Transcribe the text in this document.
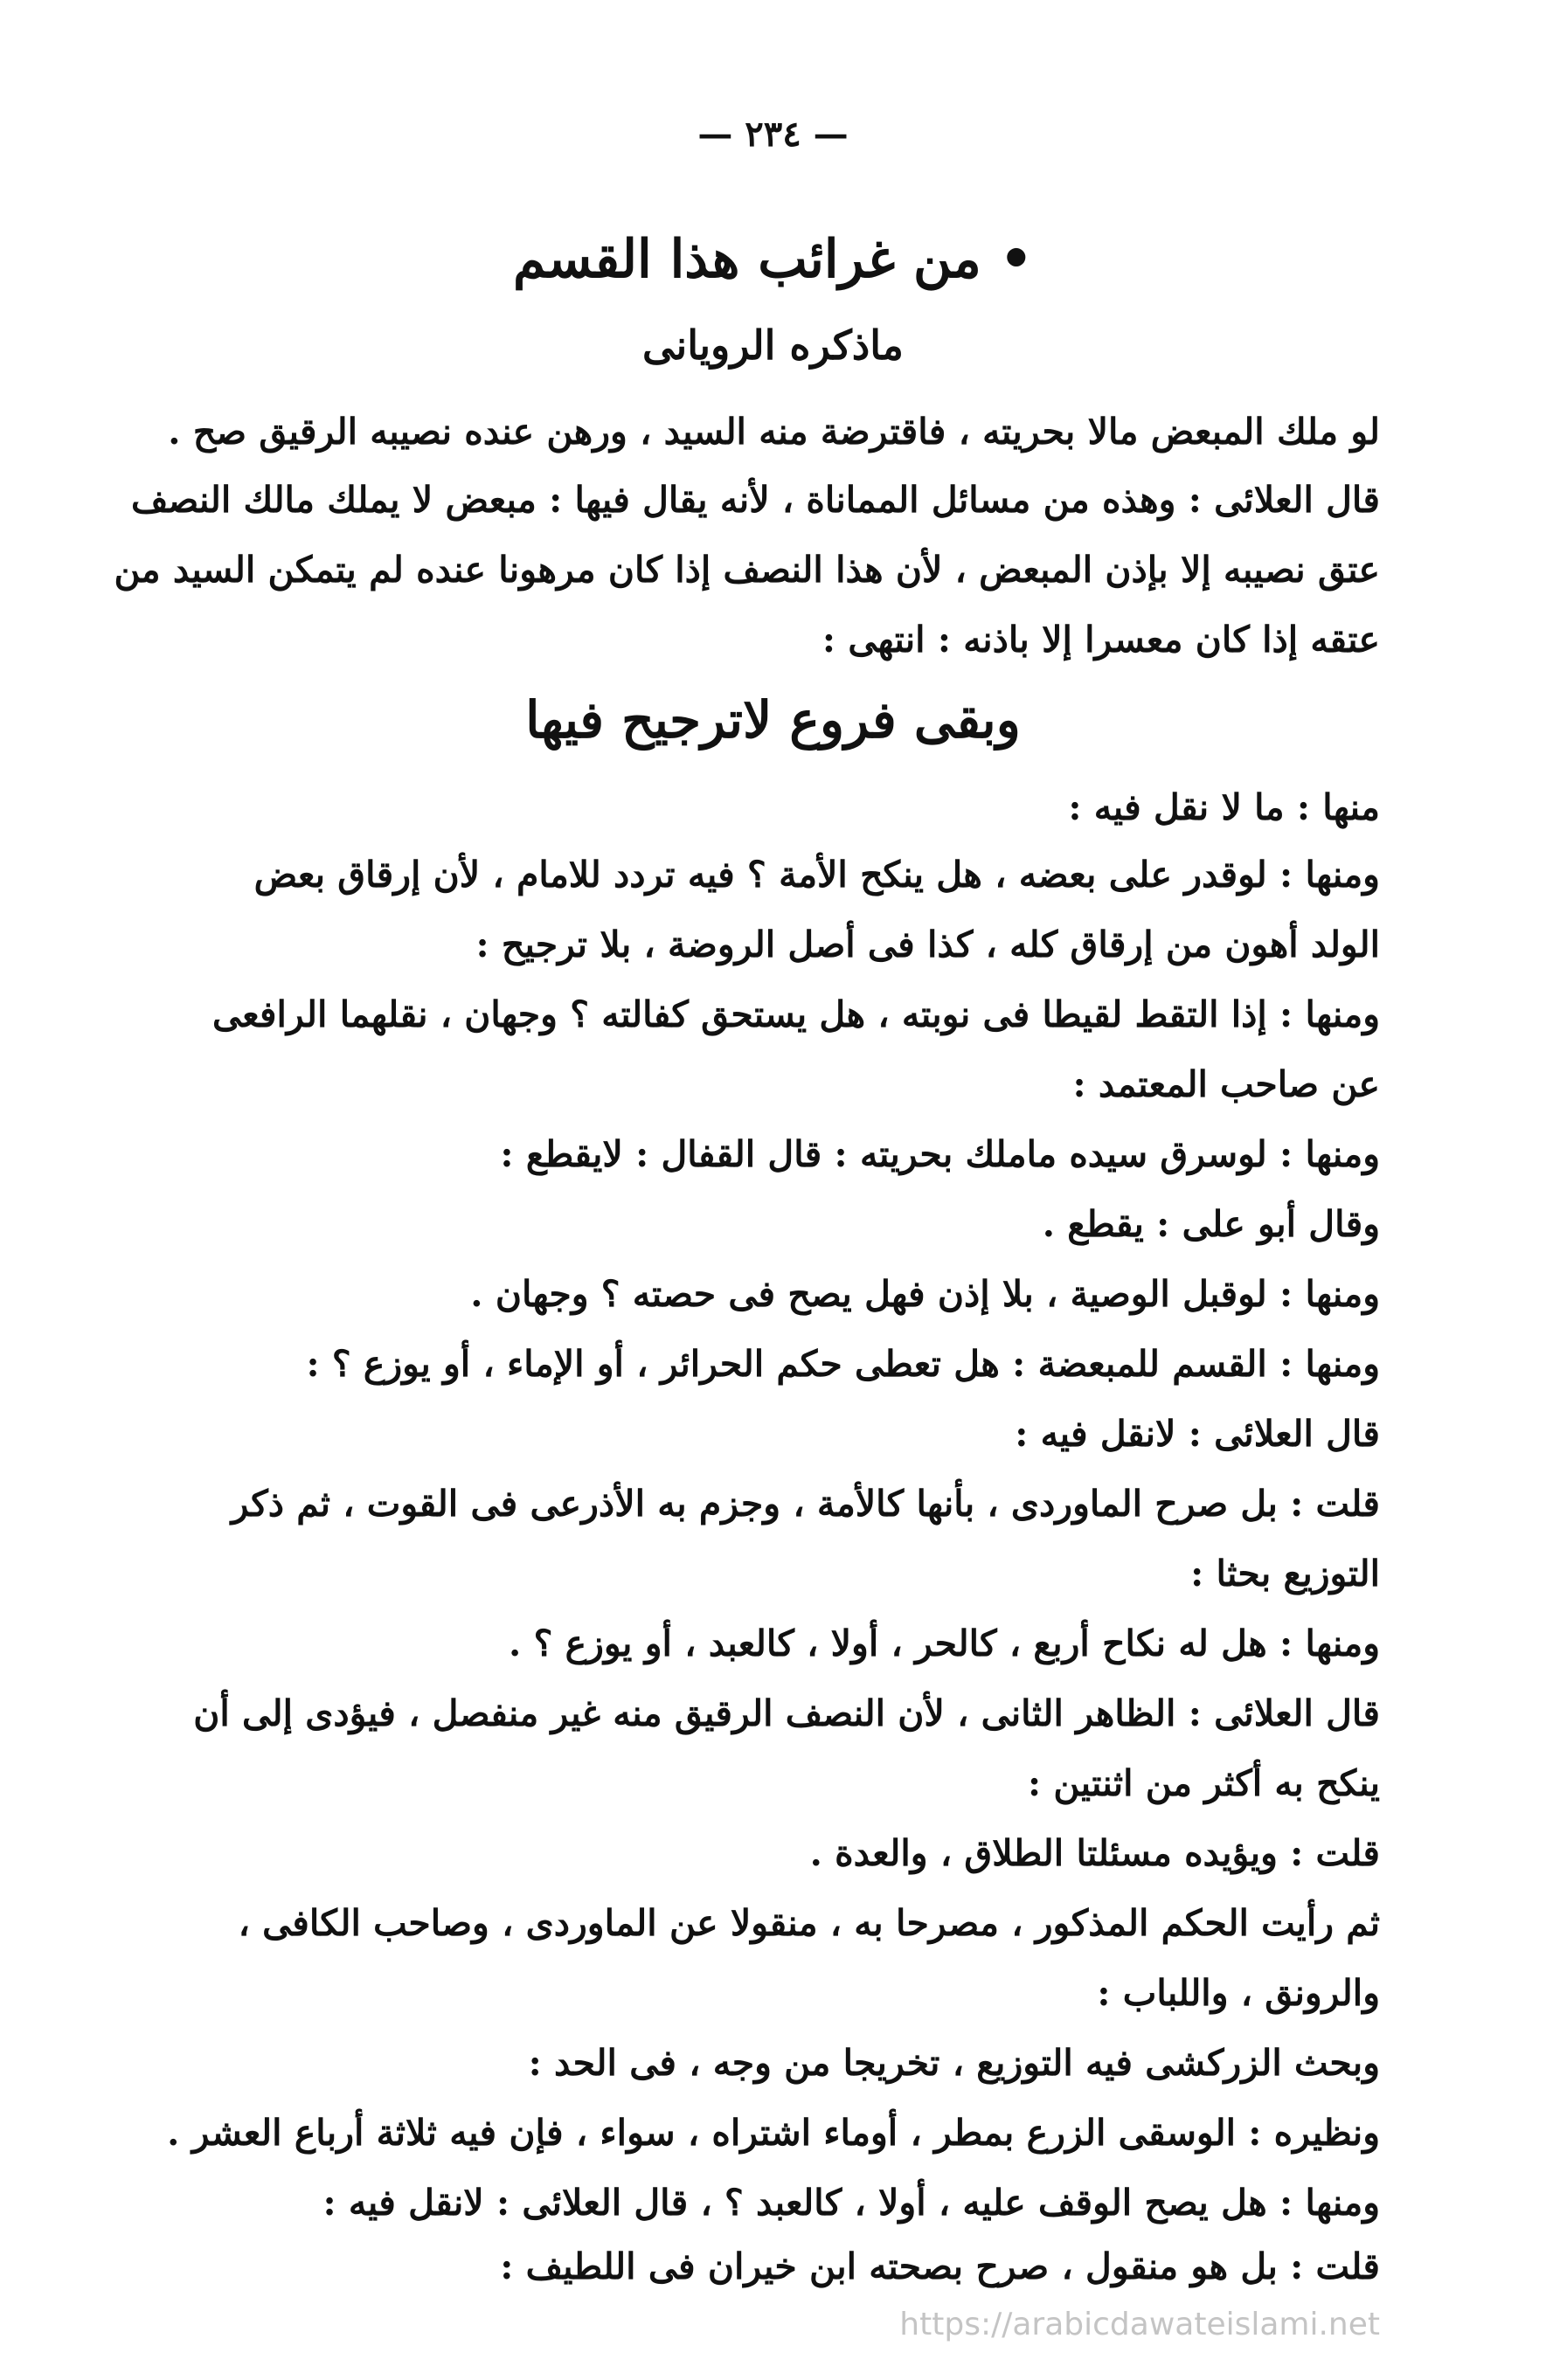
— ٢٣٤ —
• من غرائب هذا القسم
ماذكره الرويانى
لو ملك المبعض مالا بحريته ، فاقترضة منه السيد ، ورهن عنده نصيبه الرقيق صح .
قال العلائى : وهذه من مسائل المماناة ، لأنه يقال فيها : مبعض لا يملك مالك النصف
عتق نصيبه إلا بإذن المبعض ، لأن هذا النصف إذا كان مرهونا عنده لم يتمكن السيد من
عتقه إذا كان معسرا إلا باذنه : انتهى :
وبقى فروع لاترجيح فيها
منها : ما لا نقل فيه :
ومنها : لوقدر على بعضه ، هل ينكح الأمة ؟ فيه تردد للامام ، لأن إرقاق بعض
الولد أهون من إرقاق كله ، كذا فى أصل الروضة ، بلا ترجيح :
ومنها : إذا التقط لقيطا فى نوبته ، هل يستحق كفالته ؟ وجهان ، نقلهما الرافعى
عن صاحب المعتمد :
ومنها : لوسرق سيده ماملك بحريته : قال القفال : لايقطع :
وقال أبو على : يقطع .
ومنها : لوقبل الوصية ، بلا إذن فهل يصح فى حصته ؟ وجهان .
ومنها : القسم للمبعضة : هل تعطى حكم الحرائر ، أو الإماء ، أو يوزع ؟ :
قال العلائى : لانقل فيه :
قلت : بل صرح الماوردى ، بأنها كالأمة ، وجزم به الأذرعى فى القوت ، ثم ذكر
التوزيع بحثا :
ومنها : هل له نكاح أربع ، كالحر ، أولا ، كالعبد ، أو يوزع ؟ .
قال العلائى : الظاهر الثانى ، لأن النصف الرقيق منه غير منفصل ، فيؤدى إلى أن
ينكح به أكثر من اثنتين :
قلت : ويؤيده مسئلتا الطلاق ، والعدة .
ثم رأيت الحكم المذكور ، مصرحا به ، منقولا عن الماوردى ، وصاحب الكافى ،
والرونق ، واللباب :
وبحث الزركشى فيه التوزيع ، تخريجا من وجه ، فى الحد :
ونظيره : الوسقى الزرع بمطر ، أوماء اشتراه ، سواء ، فإن فيه ثلاثة أرباع العشر .
ومنها : هل يصح الوقف عليه ، أولا ، كالعبد ؟ ، قال العلائى : لانقل فيه :
قلت : بل هو منقول ، صرح بصحته ابن خيران فى اللطيف :
https://arabicdawateislami.net
